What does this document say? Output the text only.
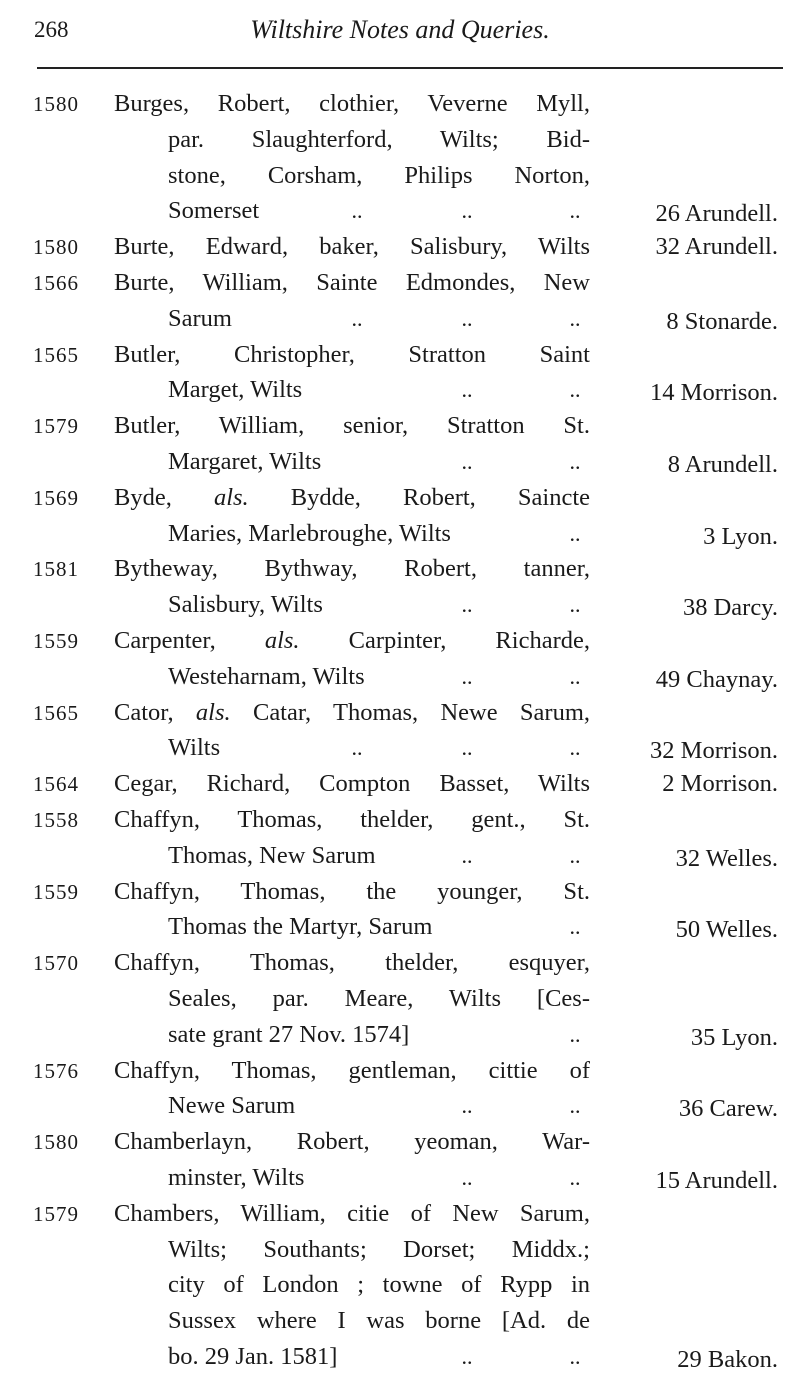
268	Wiltshire Notes and Queries.
1580 Burges, Robert, clothier, Veverne Myll,
par. Slaughterford, Wilts; Bid-
stone, Corsham, Philips Norton,
Somerset	..	..	..	26 Arundell.
1580 Burte, Edward, baker, Salisbury, Wilts	32 Arundell.
1566 Burte, William, Sainte Edmondes, New
Sarum	..	..	..	8 Stonarde.
1565 Butler, Christopher, Stratton Saint
Marget, Wilts	..	..	14 Morrison.
1579 Butler, William, senior, Stratton St.
Margaret, Wilts	..	..	8 Arundell.
1569 Byde, als. Bydde, Robert, Saincte
Maries, Marlebroughe, Wilts	..	3 Lyon.
1581 Bytheway, Bythway, Robert, tanner,
Salisbury, Wilts	..	..	38 Darcy.
1559 Carpenter, als. Carpinter, Richarde,
Westeharnam, Wilts	..	..	49 Chaynay.
1565 Cator, als. Catar, Thomas, Newe Sarum,
Wilts	..	..	..	32 Morrison.
1564 Cegar, Richard, Compton Basset, Wilts	2 Morrison.
1558 Chaffyn, Thomas, thelder, gent., St.
Thomas, New Sarum	..	..	32 Welles.
1559 Chaffyn, Thomas, the younger, St.
Thomas the Martyr, Sarum	..	50 Welles.
1570 Chaffyn, Thomas, thelder, esquyer,
Seales, par. Meare, Wilts [Ces-
sate grant 27 Nov. 1574]	..	35 Lyon.
1576 Chaffyn, Thomas, gentleman, cittie of
Newe Sarum	..	..	36 Carew.
1580 Chamberlayn, Robert, yeoman, War-
minster, Wilts	..	..	15 Arundell.
1579 Chambers, William, citie of New Sarum,
Wilts; Southants; Dorset; Middx.;
city of London ; towne of Rypp in
Sussex where I was borne [Ad. de
bo. 29 Jan. 1581]	..	..	29 Bakon.
